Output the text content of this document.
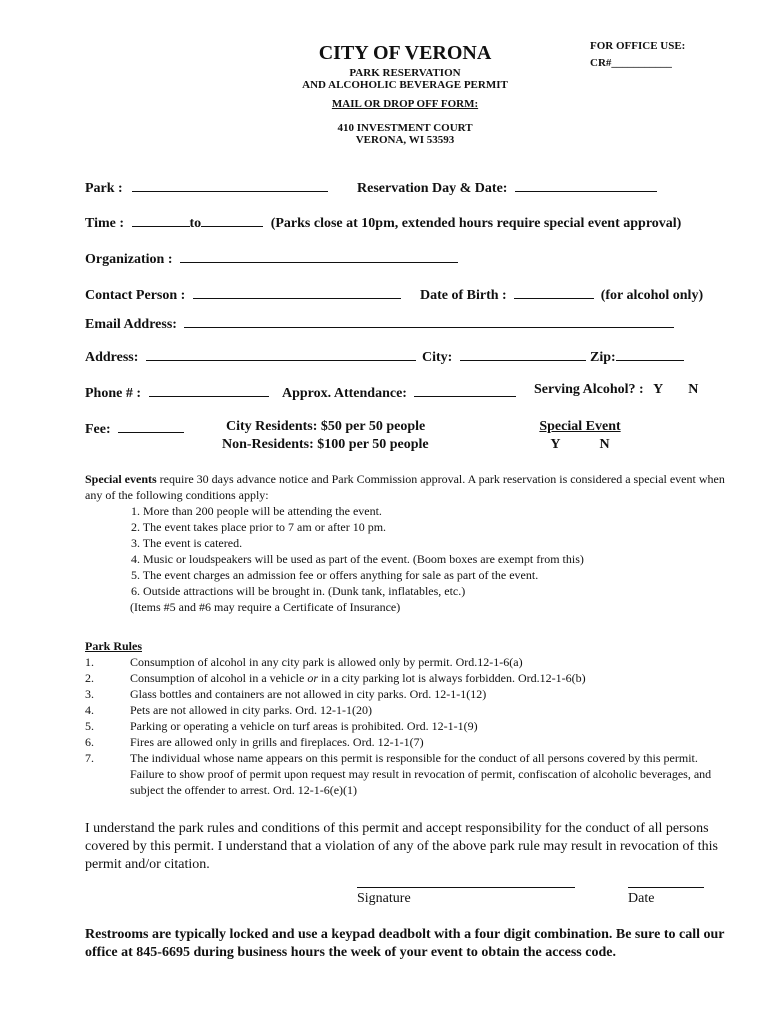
FOR OFFICE USE:
CR#___________
CITY OF VERONA
PARK RESERVATION
AND ALCOHOLIC BEVERAGE PERMIT
MAIL OR DROP OFF FORM:
410 INVESTMENT COURT
VERONA, WI 53593
Park :	Reservation Day & Date:
Time :	to	(Parks close at 10pm, extended hours require special event approval)
Organization :
Contact Person :	Date of Birth :	(for alcohol only)
Email Address:
Address:	City:	Zip:
Phone # :	Approx. Attendance:	Serving Alcohol? : Y N
Fee:	City Residents: $50 per 50 people
Non-Residents: $100 per 50 people
Special Event
Y	N
Special events require 30 days advance notice and Park Commission approval. A park reservation is considered a special event when any of the following conditions apply:
1. More than 200 people will be attending the event.
2. The event takes place prior to 7 am or after 10 pm.
3. The event is catered.
4. Music or loudspeakers will be used as part of the event. (Boom boxes are exempt from this)
5. The event charges an admission fee or offers anything for sale as part of the event.
6. Outside attractions will be brought in. (Dunk tank, inflatables, etc.)
(Items #5 and #6 may require a Certificate of Insurance)
Park Rules
1.	Consumption of alcohol in any city park is allowed only by permit. Ord.12-1-6(a)
2.	Consumption of alcohol in a vehicle or in a city parking lot is always forbidden. Ord.12-1-6(b)
3.	Glass bottles and containers are not allowed in city parks. Ord. 12-1-1(12)
4.	Pets are not allowed in city parks. Ord. 12-1-1(20)
5.	Parking or operating a vehicle on turf areas is prohibited. Ord. 12-1-1(9)
6.	Fires are allowed only in grills and fireplaces. Ord. 12-1-1(7)
7.	The individual whose name appears on this permit is responsible for the conduct of all persons covered by this permit. Failure to show proof of permit upon request may result in revocation of permit, confiscation of alcoholic beverages, and subject the offender to arrest. Ord. 12-1-6(e)(1)
I understand the park rules and conditions of this permit and accept responsibility for the conduct of all persons covered by this permit. I understand that a violation of any of the above park rule may result in revocation of this permit and/or citation.
Signature	Date
Restrooms are typically locked and use a keypad deadbolt with a four digit combination. Be sure to call our office at 845-6695 during business hours the week of your event to obtain the access code.
